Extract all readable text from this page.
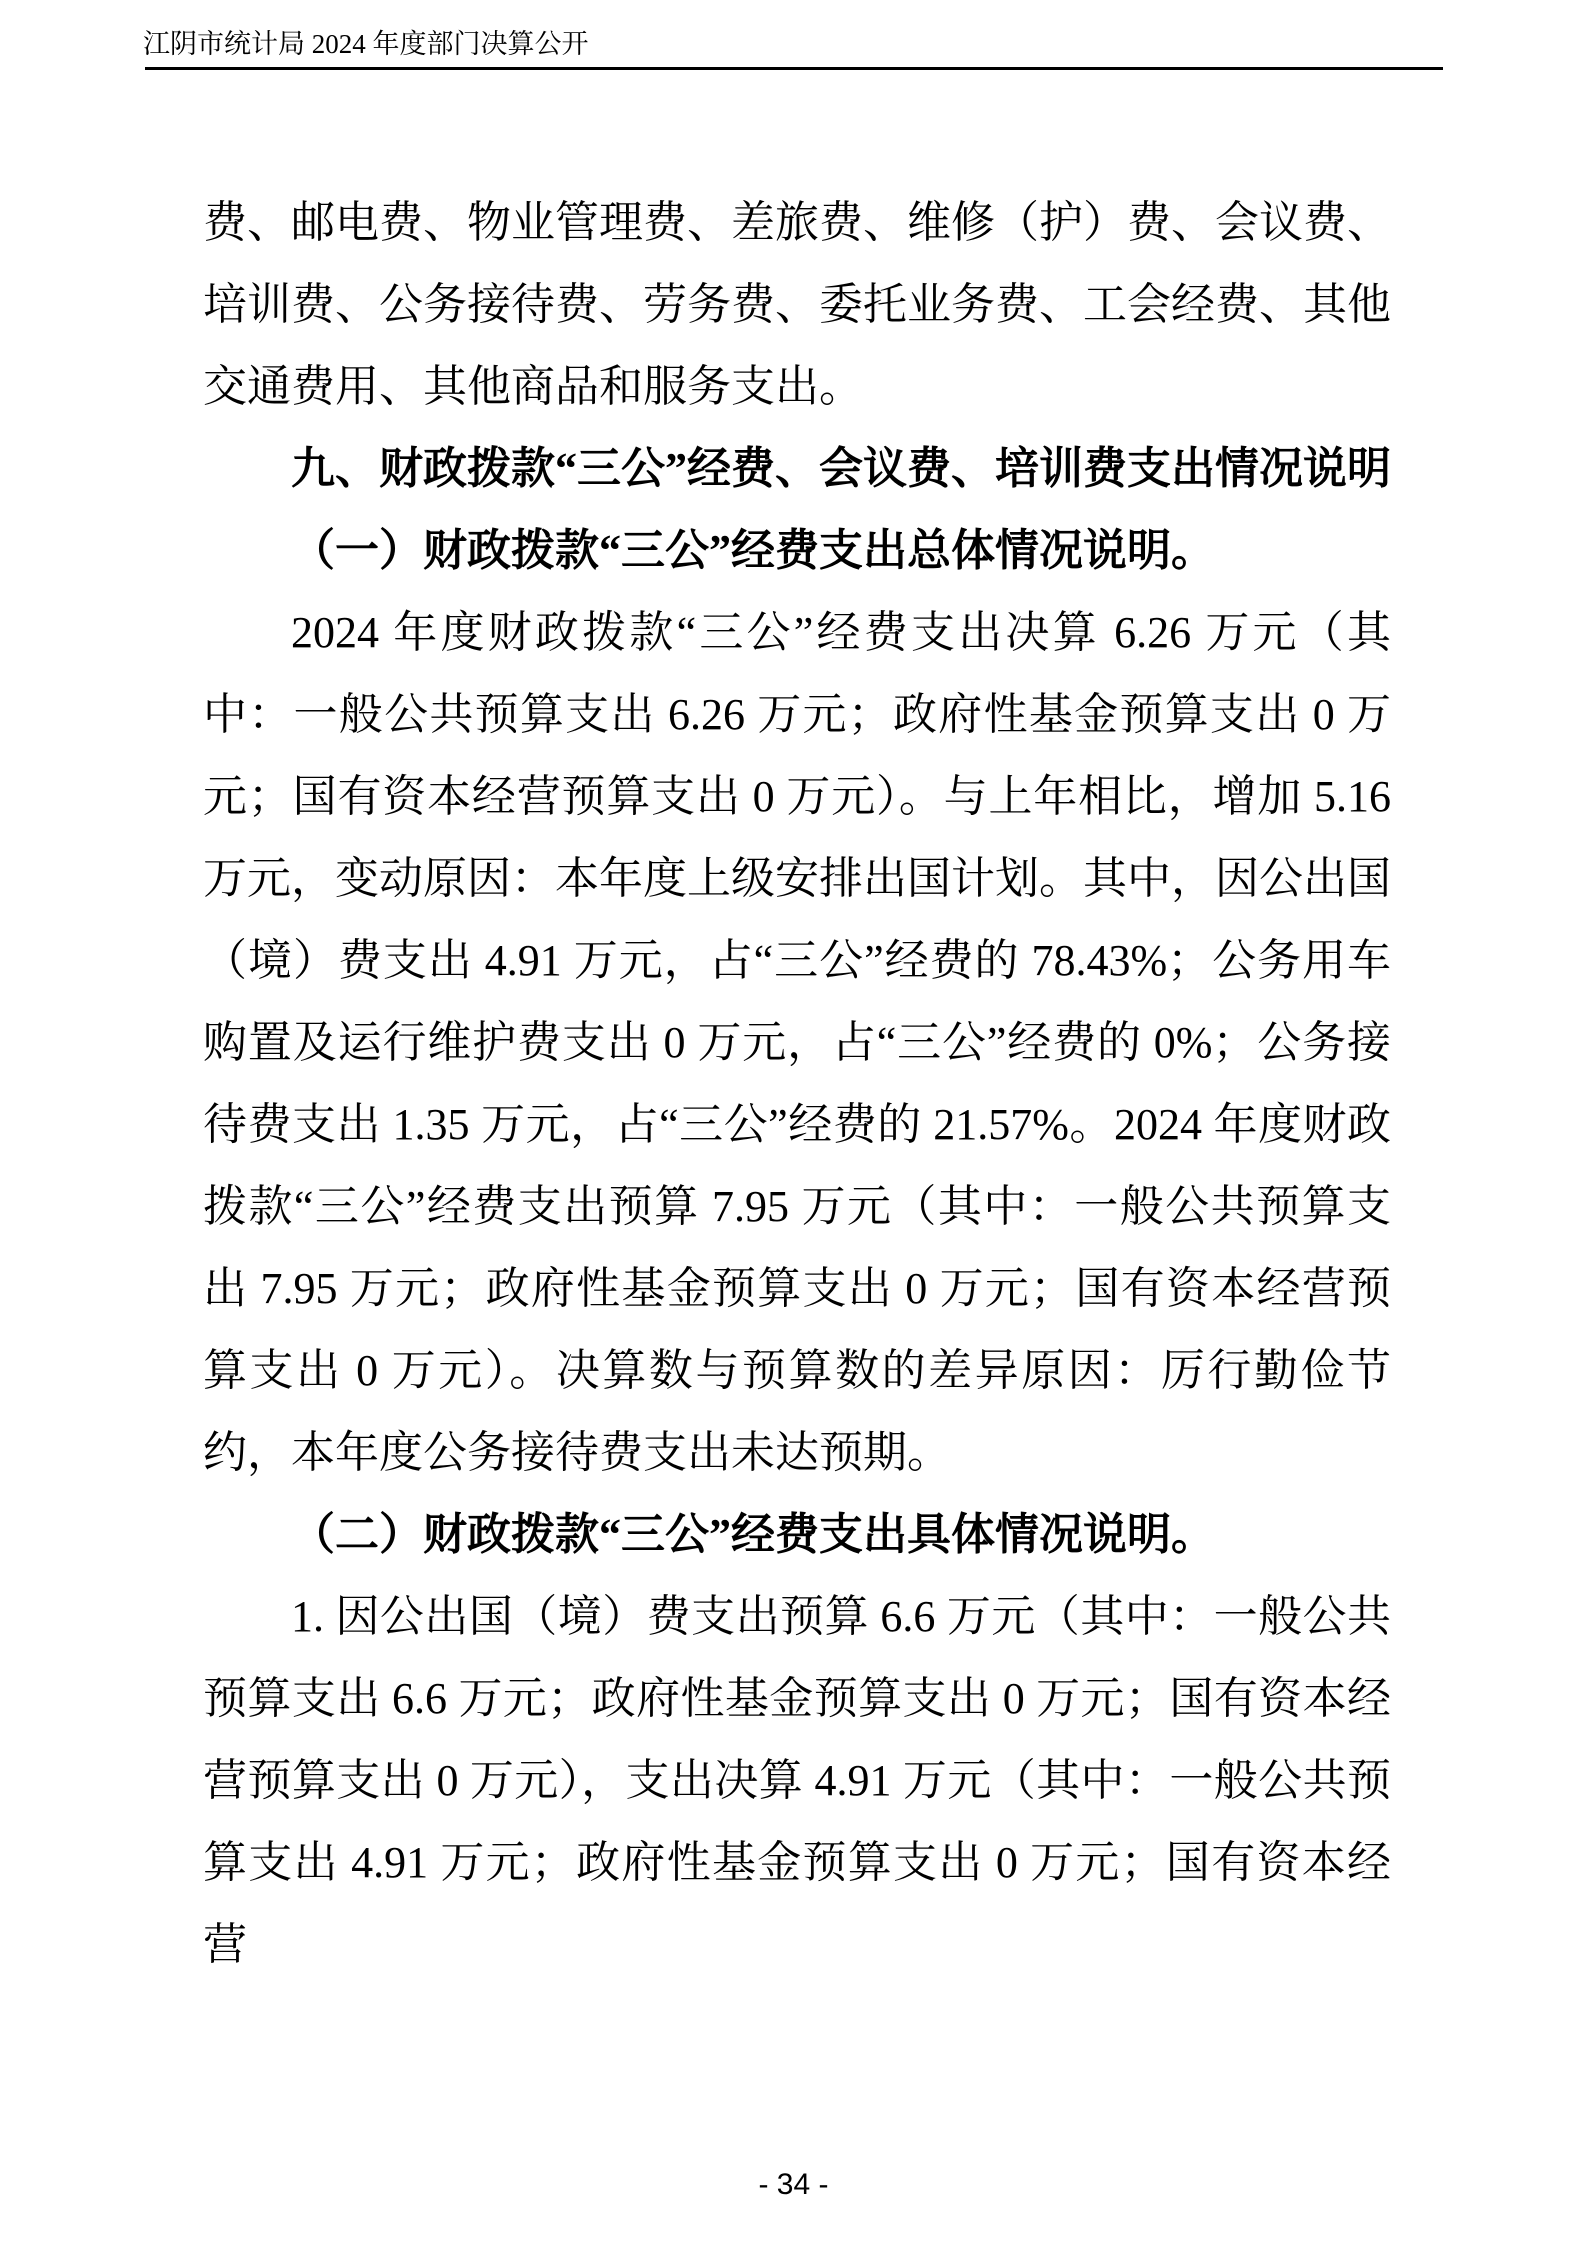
江阴市统计局 2024 年度部门决算公开

费、邮电费、物业管理费、差旅费、维修（护）费、会议费、培训费、公务接待费、劳务费、委托业务费、工会经费、其他交通费用、其他商品和服务支出。

九、财政拨款“三公”经费、会议费、培训费支出情况说明

（一）财政拨款“三公”经费支出总体情况说明。

2024 年度财政拨款“三公”经费支出决算 6.26 万元（其中：一般公共预算支出 6.26 万元；政府性基金预算支出 0 万元；国有资本经营预算支出 0 万元）。与上年相比，增加 5.16 万元，变动原因：本年度上级安排出国计划。其中，因公出国（境）费支出 4.91 万元，占“三公”经费的 78.43%；公务用车购置及运行维护费支出 0 万元，占“三公”经费的 0%；公务接待费支出 1.35 万元，占“三公”经费的 21.57%。2024 年度财政拨款“三公”经费支出预算 7.95 万元（其中：一般公共预算支出 7.95 万元；政府性基金预算支出 0 万元；国有资本经营预算支出 0 万元）。决算数与预算数的差异原因：厉行勤俭节约，本年度公务接待费支出未达预期。

（二）财政拨款“三公”经费支出具体情况说明。

1. 因公出国（境）费支出预算 6.6 万元（其中：一般公共预算支出 6.6 万元；政府性基金预算支出 0 万元；国有资本经营预算支出 0 万元），支出决算 4.91 万元（其中：一般公共预算支出 4.91 万元；政府性基金预算支出 0 万元；国有资本经营

- 34 -
